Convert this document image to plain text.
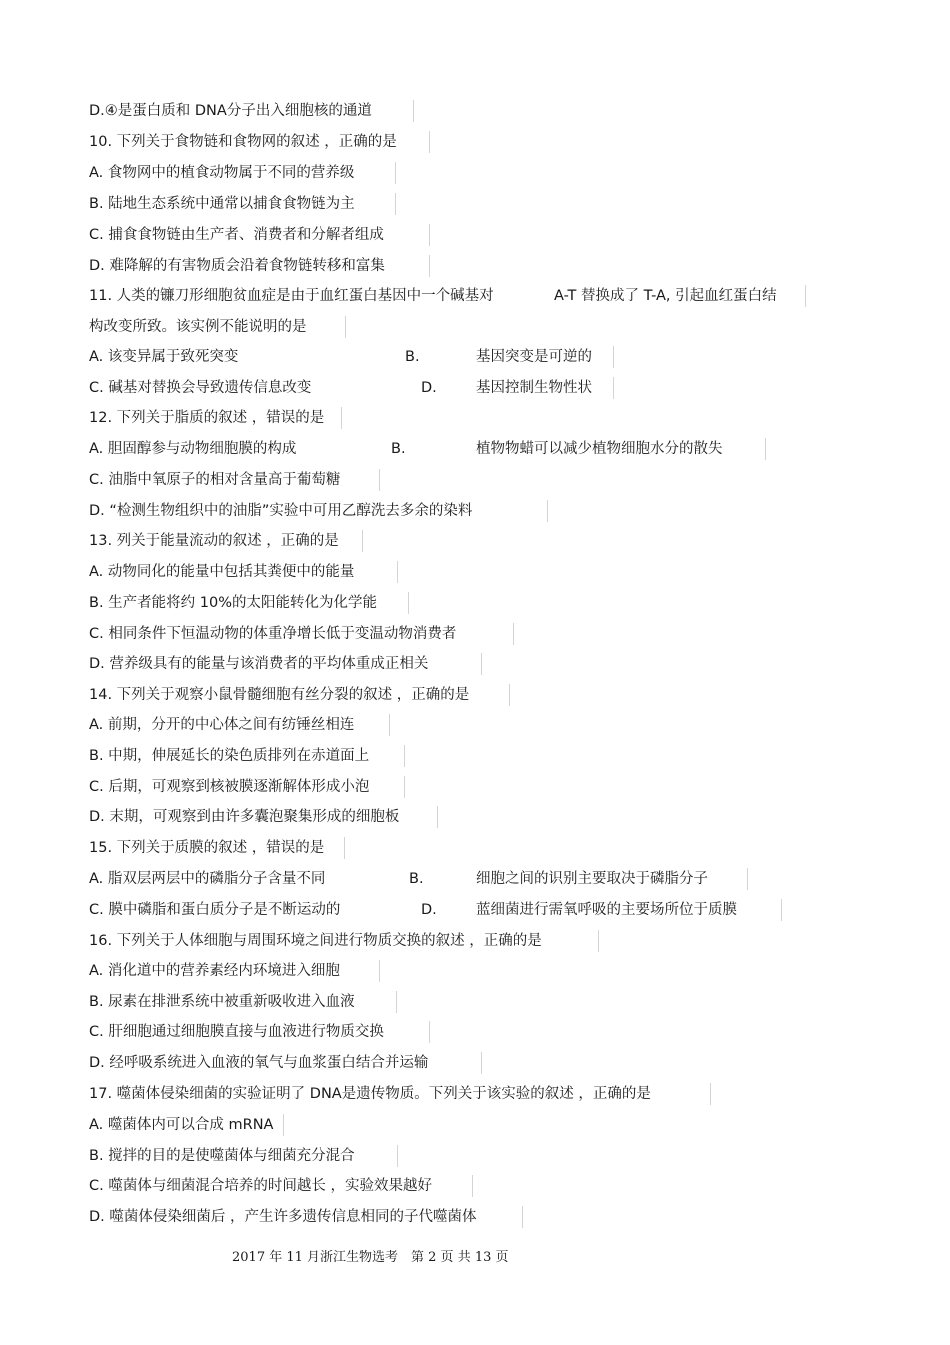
D.④是蛋白质和 DNA分子出入细胞核的通道
10. 下列关于食物链和食物网的叙述 ，正确的是
A. 食物网中的植食动物属于不同的营养级
B. 陆地生态系统中通常以捕食食物链为主
C. 捕食食物链由生产者、消费者和分解者组成
D. 难降解的有害物质会沿着食物链转移和富集
11. 人类的镰刀形细胞贫血症是由于血红蛋白基因中一个碱基对	A-T 替换成了 T-A, 引起血红蛋白结
构改变所致。该实例不能说明的是
A. 该变异属于致死突变	B.	基因突变是可逆的
C. 碱基对替换会导致遗传信息改变	D.	基因控制生物性状
12. 下列关于脂质的叙述 ，错误的是
A. 胆固醇参与动物细胞膜的构成	B.	植物物蜡可以减少植物细胞水分的散失
C. 油脂中氧原子的相对含量高于葡萄糖
D. “检测生物组织中的油脂”实验中可用乙醇洗去多余的染料
13. 列关于能量流动的叙述 ，正确的是
A. 动物同化的能量中包括其粪便中的能量
B. 生产者能将约 10%的太阳能转化为化学能
C. 相同条件下恒温动物的体重净增长低于变温动物消费者
D. 营养级具有的能量与该消费者的平均体重成正相关
14. 下列关于观察小鼠骨髓细胞有丝分裂的叙述 ，正确的是
A. 前期，分开的中心体之间有纺锤丝相连
B. 中期，伸展延长的染色质排列在赤道面上
C. 后期，可观察到核被膜逐渐解体形成小泡
D. 末期，可观察到由许多囊泡聚集形成的细胞板
15. 下列关于质膜的叙述 ，错误的是
A. 脂双层两层中的磷脂分子含量不同	B.	细胞之间的识别主要取决于磷脂分子
C. 膜中磷脂和蛋白质分子是不断运动的	D.	蓝细菌进行需氧呼吸的主要场所位于质膜
16. 下列关于人体细胞与周围环境之间进行物质交换的叙述 ，正确的是
A. 消化道中的营养素经内环境进入细胞
B. 尿素在排泄系统中被重新吸收进入血液
C. 肝细胞通过细胞膜直接与血液进行物质交换
D. 经呼吸系统进入血液的氧气与血浆蛋白结合并运输
17. 噬菌体侵染细菌的实验证明了 DNA是遗传物质。下列关于该实验的叙述 ，正确的是
A. 噬菌体内可以合成 mRNA
B. 搅拌的目的是使噬菌体与细菌充分混合
C. 噬菌体与细菌混合培养的时间越长 ，实验效果越好
D. 噬菌体侵染细菌后 ，产生许多遗传信息相同的子代噬菌体
2017 年 11 月浙江生物选考　第 2 页 共 13 页
